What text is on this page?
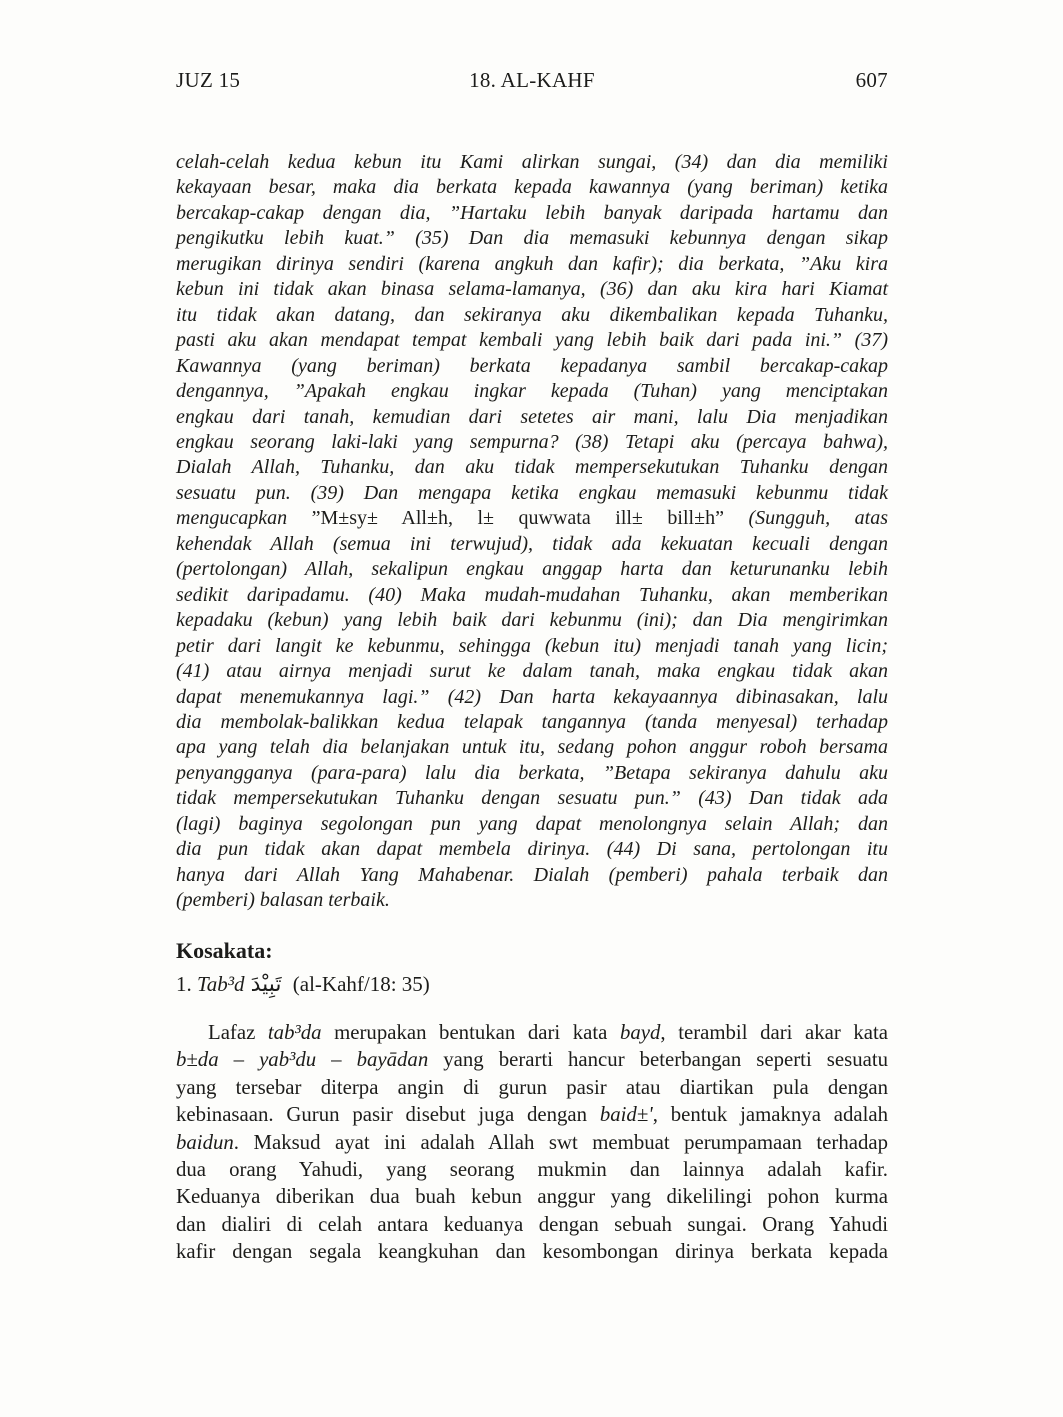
JUZ 15	18. AL-KAHF	607
celah-celah kedua kebun itu Kami alirkan sungai, (34) dan dia memiliki
kekayaan besar, maka dia berkata kepada kawannya (yang beriman) ketika
bercakap-cakap dengan dia, ”Hartaku lebih banyak daripada hartamu dan
pengikutku lebih kuat.” (35) Dan dia memasuki kebunnya dengan sikap
merugikan dirinya sendiri (karena angkuh dan kafir); dia berkata, ”Aku kira
kebun ini tidak akan binasa selama-lamanya, (36) dan aku kira hari Kiamat
itu tidak akan datang, dan sekiranya aku dikembalikan kepada Tuhanku,
pasti aku akan mendapat tempat kembali yang lebih baik dari pada ini.” (37)
Kawannya (yang beriman) berkata kepadanya sambil bercakap-cakap
dengannya, ”Apakah engkau ingkar kepada (Tuhan) yang menciptakan
engkau dari tanah, kemudian dari setetes air mani, lalu Dia menjadikan
engkau seorang laki-laki yang sempurna? (38) Tetapi aku (percaya bahwa),
Dialah Allah, Tuhanku, dan aku tidak mempersekutukan Tuhanku dengan
sesuatu pun. (39) Dan mengapa ketika engkau memasuki kebunmu tidak
mengucapkan ”M±sy± All±h, l± quwwata ill± bill±h” (Sungguh, atas
kehendak Allah (semua ini terwujud), tidak ada kekuatan kecuali dengan
(pertolongan) Allah, sekalipun engkau anggap harta dan keturunanku lebih
sedikit daripadamu. (40) Maka mudah-mudahan Tuhanku, akan memberikan
kepadaku (kebun) yang lebih baik dari kebunmu (ini); dan Dia mengirimkan
petir dari langit ke kebunmu, sehingga (kebun itu) menjadi tanah yang licin;
(41) atau airnya menjadi surut ke dalam tanah, maka engkau tidak akan
dapat menemukannya lagi.” (42) Dan harta kekayaannya dibinasakan, lalu
dia membolak-balikkan kedua telapak tangannya (tanda menyesal) terhadap
apa yang telah dia belanjakan untuk itu, sedang pohon anggur roboh bersama
penyangganya (para-para) lalu dia berkata, ”Betapa sekiranya dahulu aku
tidak mempersekutukan Tuhanku dengan sesuatu pun.” (43) Dan tidak ada
(lagi) baginya segolongan pun yang dapat menolongnya selain Allah; dan
dia pun tidak akan dapat membela dirinya. (44) Di sana, pertolongan itu
hanya dari Allah Yang Mahabenar. Dialah (pemberi) pahala terbaik dan
(pemberi) balasan terbaik.
Kosakata:
1. Tab³d تَبِيْدَ (al-Kahf/18: 35)
Lafaz tab³da merupakan bentukan dari kata bayd, terambil dari akar kata
b±da – yab³du – bayādan yang berarti hancur beterbangan seperti sesuatu
yang tersebar diterpa angin di gurun pasir atau diartikan pula dengan
kebinasaan. Gurun pasir disebut juga dengan baid±', bentuk jamaknya adalah
baidun. Maksud ayat ini adalah Allah swt membuat perumpamaan terhadap
dua orang Yahudi, yang seorang mukmin dan lainnya adalah kafir.
Keduanya diberikan dua buah kebun anggur yang dikelilingi pohon kurma
dan dialiri di celah antara keduanya dengan sebuah sungai. Orang Yahudi
kafir dengan segala keangkuhan dan kesombongan dirinya berkata kepada
